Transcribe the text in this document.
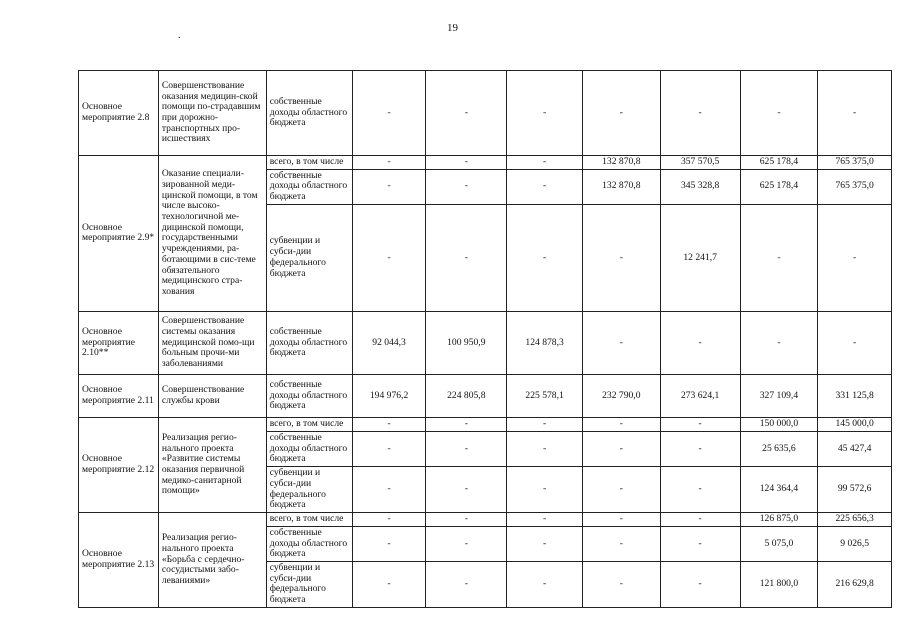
19
.
Основное мероприятие 2.8	Совершенствование оказания медицин-ской помощи по-страдавшим при дорожно-транспортных про-исшествиях	собственные доходы областного бюджета	-	-	-	-	-	-	-
Основное мероприятие 2.9*	Оказание специали-зированной меди-цинской помощи, в том числе высоко-технологичной ме-дицинской помощи, государственными учреждениями, ра-ботающими в сис-теме обязательного медицинского стра-хования	всего, в том числе	-	-	-	132 870,8	357 570,5	625 178,4	765 375,0
		собственные доходы областного бюджета	-	-	-	132 870,8	345 328,8	625 178,4	765 375,0
		субвенции и субси-дии федерального бюджета	-	-	-	-	12 241,7	-	-
Основное мероприятие 2.10**	Совершенствование системы оказания медицинской помо-щи больным прочи-ми заболеваниями	собственные доходы областного бюджета	92 044,3	100 950,9	124 878,3	-	-	-	-
Основное мероприятие 2.11	Совершенствование службы крови	собственные доходы областного бюджета	194 976,2	224 805,8	225 578,1	232 790,0	273 624,1	327 109,4	331 125,8
Основное мероприятие 2.12	Реализация регио-нального проекта «Развитие системы оказания первичной медико-санитарной помощи»	всего, в том числе	-	-	-	-	-	150 000,0	145 000,0
		собственные доходы областного бюджета	-	-	-	-	-	25 635,6	45 427,4
		субвенции и субси-дии федерального бюджета	-	-	-	-	-	124 364,4	99 572,6
Основное мероприятие 2.13	Реализация регио-нального проекта «Борьба с сердечно-сосудистыми забо-леваниями»	всего, в том числе	-	-	-	-	-	126 875,0	225 656,3
		собственные доходы областного бюджета	-	-	-	-	-	5 075,0	9 026,5
		субвенции и субси-дии федерального бюджета	-	-	-	-	-	121 800,0	216 629,8
